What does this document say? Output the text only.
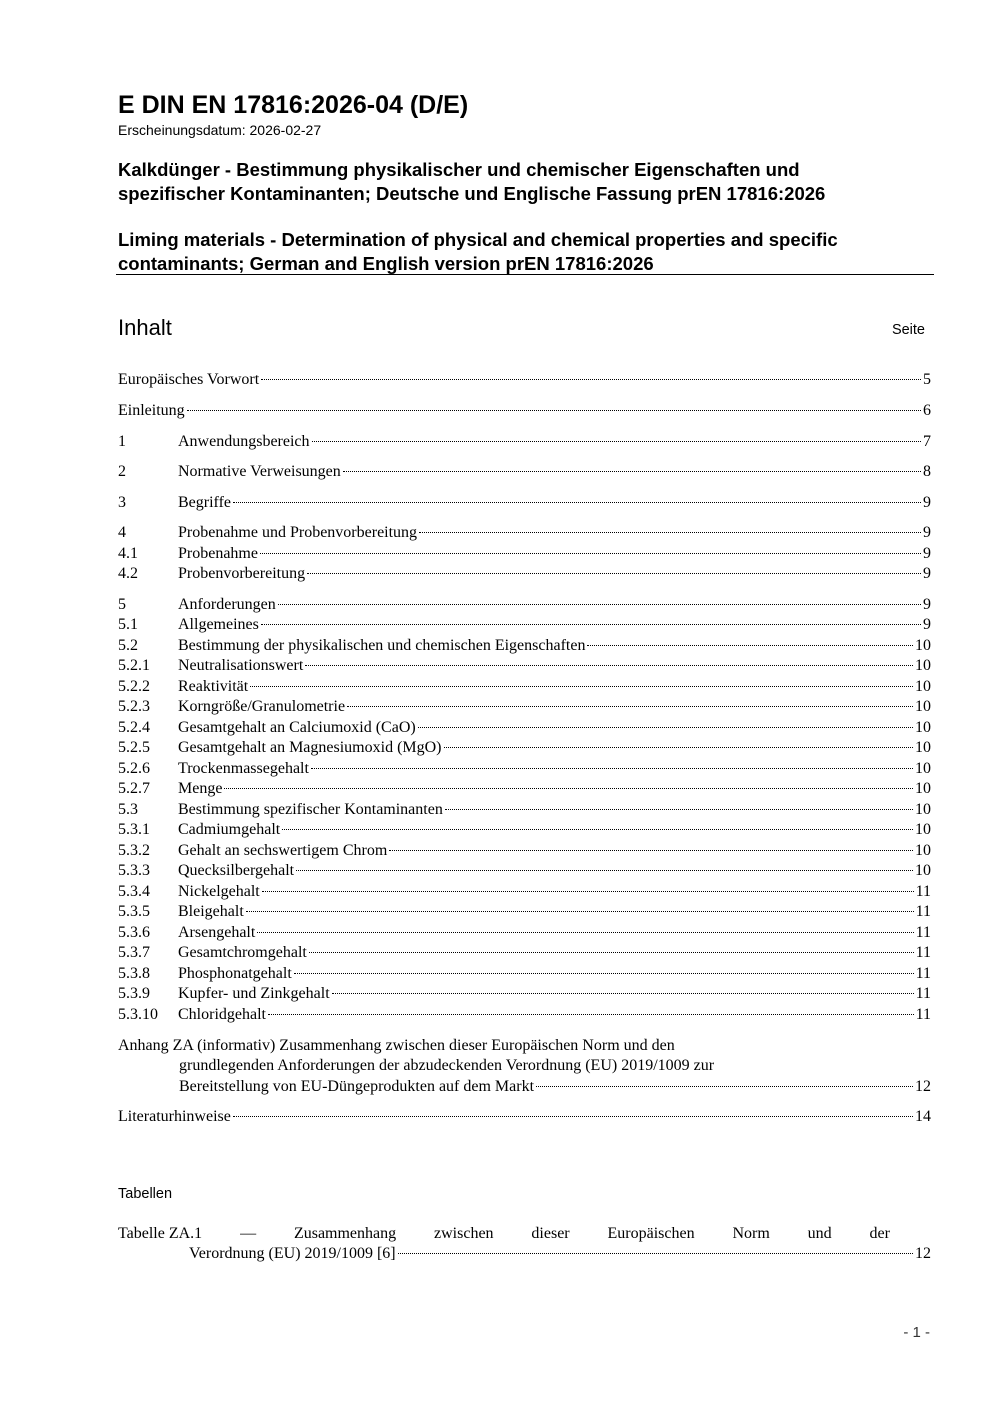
E DIN EN 17816:2026-04 (D/E)
Erscheinungsdatum: 2026-02-27
Kalkdünger - Bestimmung physikalischer und chemischer Eigenschaften und
spezifischer Kontaminanten; Deutsche und Englische Fassung prEN 17816:2026
Liming materials - Determination of physical and chemical properties and specific
contaminants; German and English version prEN 17816:2026
Inhalt	Seite
Europäisches Vorwort	5
Einleitung	6
1	Anwendungsbereich	7
2	Normative Verweisungen	8
3	Begriffe	9
4	Probenahme und Probenvorbereitung	9
4.1	Probenahme	9
4.2	Probenvorbereitung	9
5	Anforderungen	9
5.1	Allgemeines	9
5.2	Bestimmung der physikalischen und chemischen Eigenschaften	10
5.2.1	Neutralisationswert	10
5.2.2	Reaktivität	10
5.2.3	Korngröße/Granulometrie	10
5.2.4	Gesamtgehalt an Calciumoxid (CaO)	10
5.2.5	Gesamtgehalt an Magnesiumoxid (MgO)	10
5.2.6	Trockenmassegehalt	10
5.2.7	Menge	10
5.3	Bestimmung spezifischer Kontaminanten	10
5.3.1	Cadmiumgehalt	10
5.3.2	Gehalt an sechswertigem Chrom	10
5.3.3	Quecksilbergehalt	10
5.3.4	Nickelgehalt	11
5.3.5	Bleigehalt	11
5.3.6	Arsengehalt	11
5.3.7	Gesamtchromgehalt	11
5.3.8	Phosphonatgehalt	11
5.3.9	Kupfer- und Zinkgehalt	11
5.3.10	Chloridgehalt	11
Anhang ZA (informativ) Zusammenhang zwischen dieser Europäischen Norm und den
grundlegenden Anforderungen der abzudeckenden Verordnung (EU) 2019/1009 zur
Bereitstellung von EU-Düngeprodukten auf dem Markt	12
Literaturhinweise	14
Tabelle ZA.1 — Zusammenhang zwischen dieser Europäischen Norm und der
Verordnung (EU) 2019/1009 [6]	12
Tabellen
- 1 -
